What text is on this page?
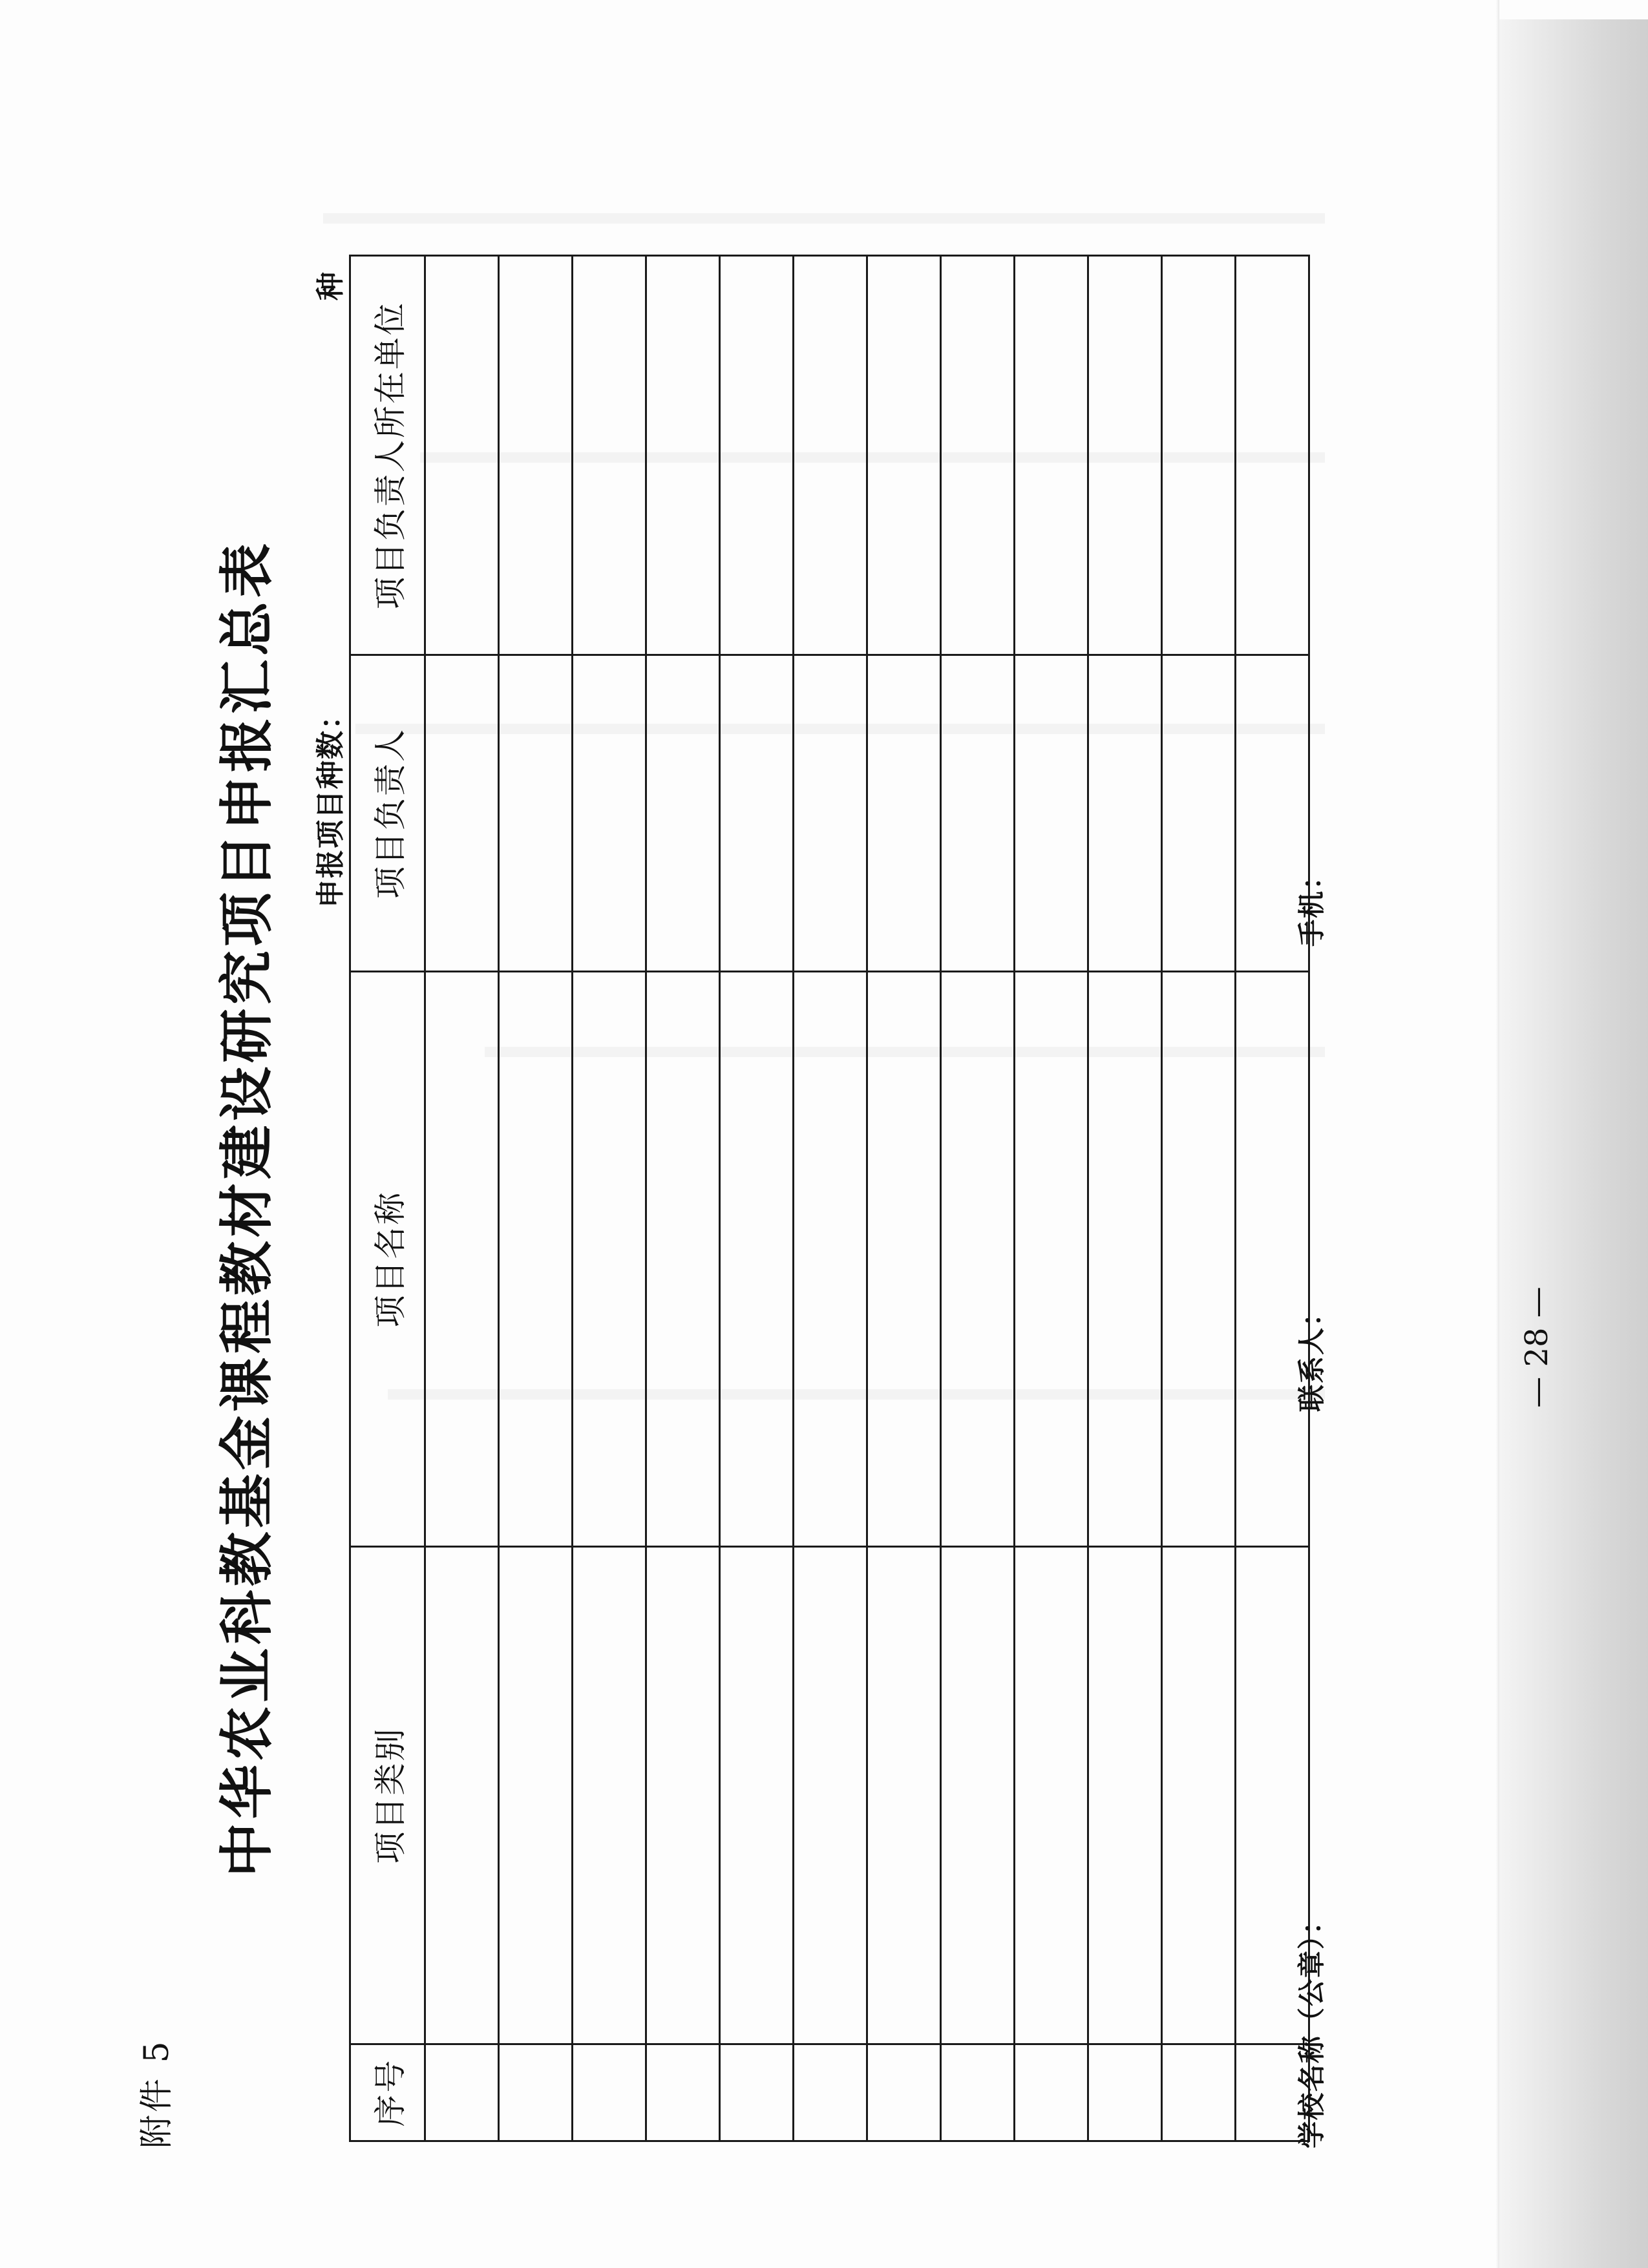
附件 5
中华农业科教基金课程教材建设研究项目申报汇总表 申报项目种数：
种
序号	项目类别	项目名称	项目负责人	项目负责人所在单位

学校名称（公章）：
联系人：
手机：
— 28 —
